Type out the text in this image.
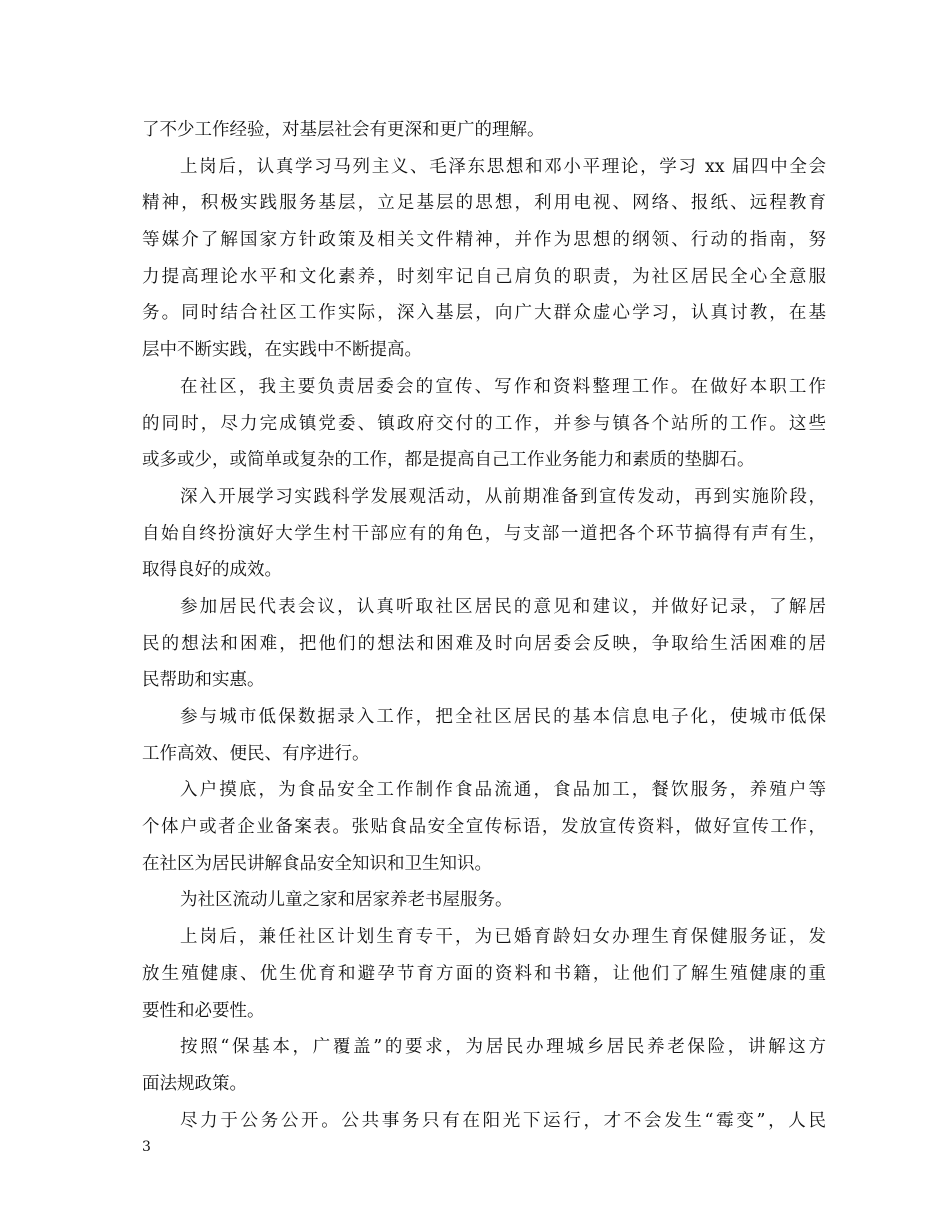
了不少工作经验，对基层社会有更深和更广的理解。
上岗后，认真学习马列主义、毛泽东思想和邓小平理论，学习 xx 届四中全会
精神，积极实践服务基层，立足基层的思想，利用电视、网络、报纸、远程教育
等媒介了解国家方针政策及相关文件精神，并作为思想的纲领、行动的指南，努
力提高理论水平和文化素养，时刻牢记自己肩负的职责，为社区居民全心全意服
务。同时结合社区工作实际，深入基层，向广大群众虚心学习，认真讨教，在基
层中不断实践，在实践中不断提高。
在社区，我主要负责居委会的宣传、写作和资料整理工作。在做好本职工作
的同时，尽力完成镇党委、镇政府交付的工作，并参与镇各个站所的工作。这些
或多或少，或简单或复杂的工作，都是提高自己工作业务能力和素质的垫脚石。
深入开展学习实践科学发展观活动，从前期准备到宣传发动，再到实施阶段，
自始自终扮演好大学生村干部应有的角色，与支部一道把各个环节搞得有声有生，
取得良好的成效。
参加居民代表会议，认真听取社区居民的意见和建议，并做好记录，了解居
民的想法和困难，把他们的想法和困难及时向居委会反映，争取给生活困难的居
民帮助和实惠。
参与城市低保数据录入工作，把全社区居民的基本信息电子化，使城市低保
工作高效、便民、有序进行。
入户摸底，为食品安全工作制作食品流通，食品加工，餐饮服务，养殖户等
个体户或者企业备案表。张贴食品安全宣传标语，发放宣传资料，做好宣传工作，
在社区为居民讲解食品安全知识和卫生知识。
为社区流动儿童之家和居家养老书屋服务。
上岗后，兼任社区计划生育专干，为已婚育龄妇女办理生育保健服务证，发
放生殖健康、优生优育和避孕节育方面的资料和书籍，让他们了解生殖健康的重
要性和必要性。
按照“保基本，广覆盖”的要求，为居民办理城乡居民养老保险，讲解这方
面法规政策。
尽力于公务公开。公共事务只有在阳光下运行，才不会发生“霉变”，人民
3
